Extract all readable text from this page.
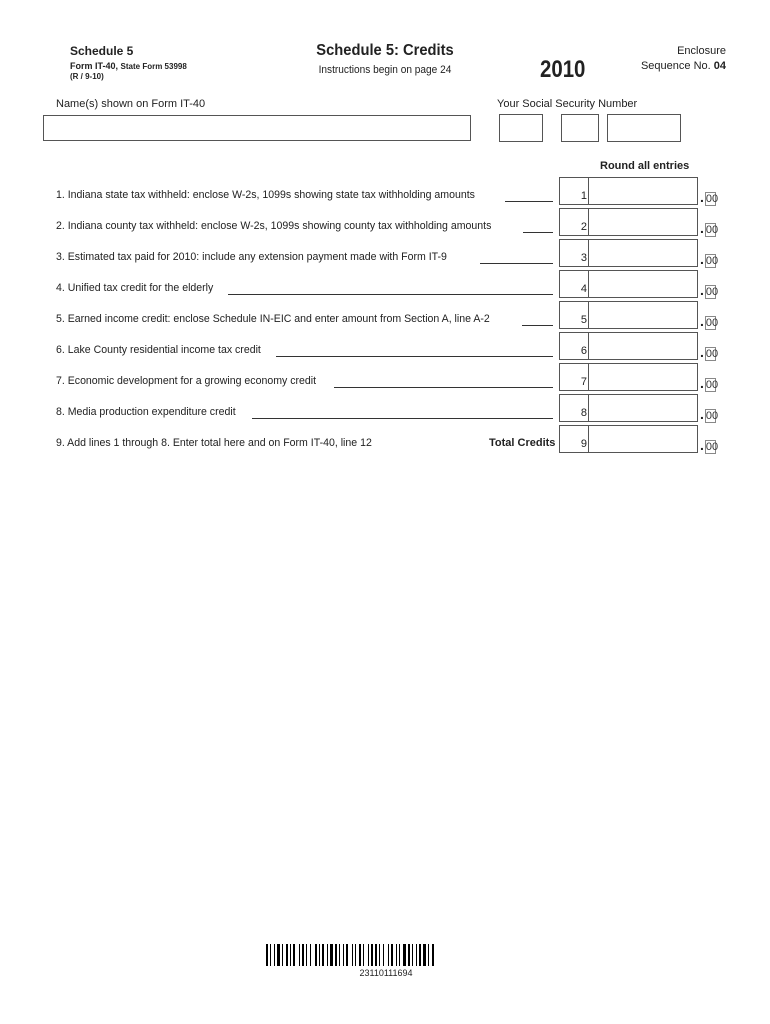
Schedule 5
Form IT-40, State Form 53998
(R / 9-10)
Schedule 5: Credits
Instructions begin on page 24	2010
Enclosure
Sequence No. 04
Name(s) shown on Form IT-40	Your Social Security Number
Round all entries
1. Indiana state tax withheld: enclose W-2s, 1099s showing state tax withholding amounts	1	. 00
2. Indiana county tax withheld: enclose W-2s, 1099s showing county tax withholding amounts	2	. 00
3. Estimated tax paid for 2010: include any extension payment made with Form IT-9	3	. 00
4. Unified tax credit for the elderly	4	. 00
5. Earned income credit: enclose Schedule IN-EIC and enter amount from Section A, line A-2	5	. 00
6. Lake County residential income tax credit	6	. 00
7. Economic development for a growing economy credit	7	. 00
8. Media production expenditure credit	8	. 00
9. Add lines 1 through 8. Enter total here and on Form IT-40, line 12	Total Credits 9	. 00
23110111694
